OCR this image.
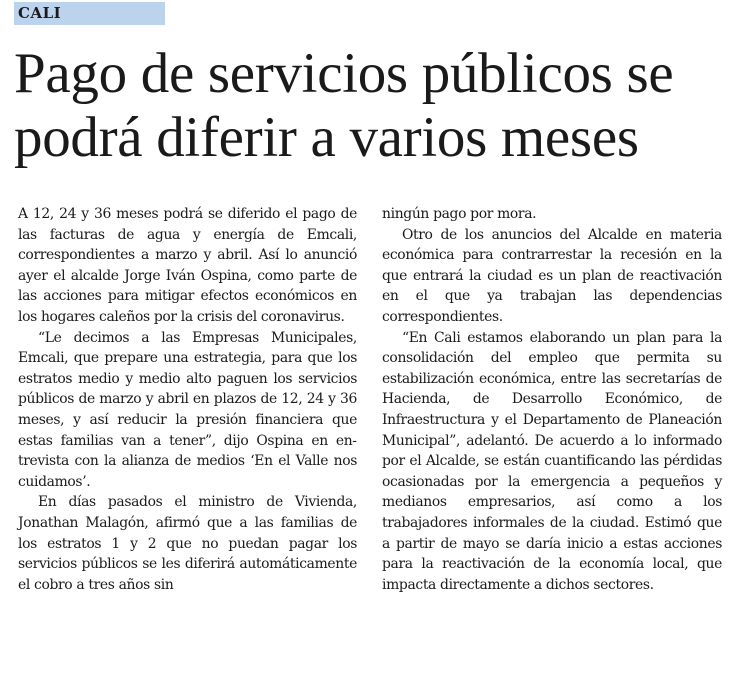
CALI
Pago de servicios públicos se
podrá diferir a varios meses

A 12, 24 y 36 meses podrá se diferido el pago de las facturas de agua y energía de Emcali, correspondientes a marzo y abril. Así lo anunció ayer el alcalde Jorge Iván Ospina, como parte de las acciones para mitigar efectos económicos en los hogares caleños por la crisis del coronavirus.

“Le decimos a las Empresas Municipales, Emcali, que prepare una estrategia, para que los estratos medio y medio alto paguen los servicios públicos de marzo y abril en plazos de 12, 24 y 36 meses, y así reducir la presión financiera que estas familias van a tener”, dijo Ospina en entrevista con la alianza de medios ‘En el Valle nos cuidamos’.

En días pasados el ministro de Vivienda, Jonathan Malagón, afirmó que a las familias de los estratos 1 y 2 que no puedan pagar los servicios públicos se les diferirá automáticamente el cobro a tres años sin

ningún pago por mora.

Otro de los anuncios del Alcalde en materia económica para contrarrestar la recesión en la que entrará la ciudad es un plan de reactivación en el que ya trabajan las dependencias correspondientes.

“En Cali estamos elaborando un plan para la consolidación del empleo que permita su estabilización económica, entre las secretarías de Hacienda, de Desarrollo Económico, de Infraestructura y el Departamento de Planeación Municipal”, adelantó. De acuerdo a lo informado por el Alcalde, se están cuantificando las pérdidas ocasionadas por la emergencia a pequeños y medianos empresarios, así como a los trabajadores informales de la ciudad. Estimó que a partir de mayo se daría inicio a estas acciones para la reactivación de la economía local, que impacta directamente a dichos sectores.
